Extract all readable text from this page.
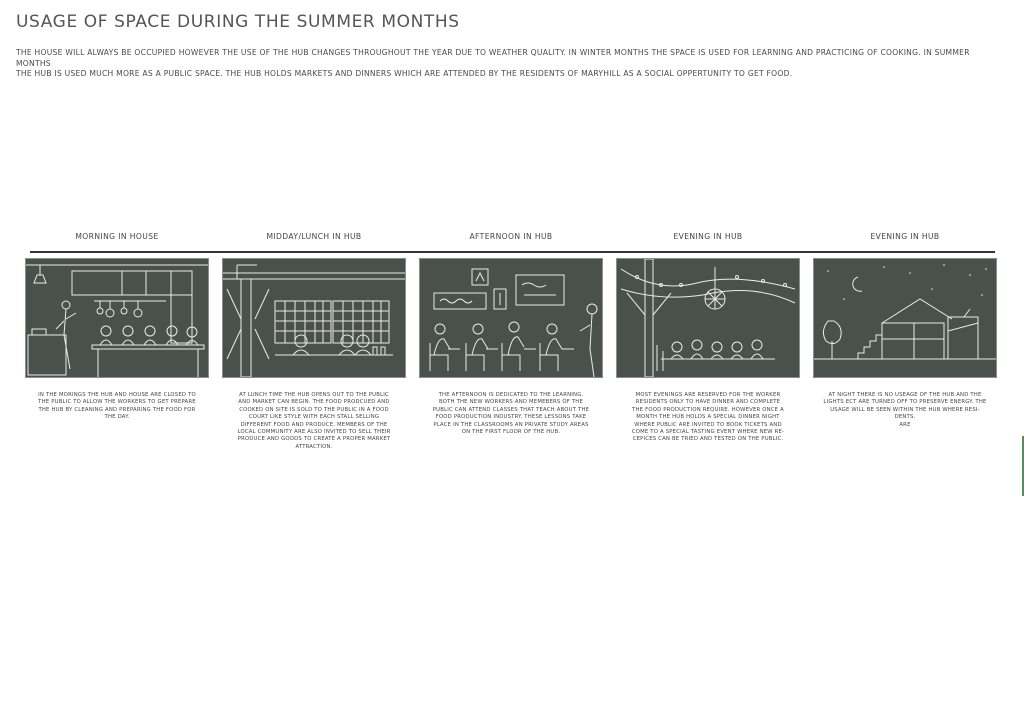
USAGE OF SPACE DURING THE SUMMER MONTHS
THE HOUSE WILL ALWAYS BE OCCUPIED HOWEVER THE USE OF THE HUB CHANGES THROUGHOUT THE YEAR DUE TO WEATHER QUALITY. IN WINTER MONTHS THE SPACE IS USED FOR LEARNING AND PRACTICING OF COOKING. IN SUMMER MONTHS
THE HUB IS USED MUCH MORE AS A PUBLIC SPACE. THE HUB HOLDS MARKETS AND DINNERS WHICH ARE ATTENDED BY THE RESIDENTS OF MARYHILL AS A SOCIAL OPPERTUNITY TO GET FOOD.
MORNING IN HOUSE
IN THE MORINGS THE HUB AND HOUSE ARE CLOSED TO
THE PUBLIC TO ALLOW THE WORKERS TO GET PREPARE
THE HUB BY CLEANING AND PREPARING THE FOOD FOR
THE DAY.
MIDDAY/LUNCH IN HUB
AT LUNCH TIME THE HUB OPENS OUT TO THE PUBLIC
AND MARKET CAN BEGIN. THE FOOD PRODCUED AND
COOKED ON SITE IS SOLD TO THE PUBLIC IN A FOOD
COURT LIKE STYLE WITH EACH STALL SELLING
DIFFERENT FOOD AND PRODUCE, MEMBERS OF THE
LOCAL COMMUNITY ARE ALSO INVITED TO SELL THEIR
PRODUCE AND GOODS TO CREATE A PROPER MARKET
ATTRACTION.
AFTERNOON IN HUB
THE AFTERNOON IS DEDICATED TO THE LEARNING.
BOTH THE NEW WORKERS AND MEMEBERS OF THE
PUBLIC CAN ATTEND CLASSES THAT TEACH ABOUT THE
FOOD PRODUCTION INDUSTRY. THESE LESSONS TAKE
PLACE IN THE CLASSROOMS AN PRIVATE STUDY AREAS
ON THE FIRST FLOOR OF THE HUB.
EVENING IN HUB
MOST EVENINGS ARE RESERVED FOR THE WORKER
RESIDENTS ONLY TO HAVE DINNER AND COMPLETE
THE FOOD PRODUCTION REQUIRE. HOWEVER ONCE A
MONTH THE HUB HOLDS A SPECIAL DINNER NIGHT
WHERE PUBLIC ARE INVITED TO BOOK TICKETS AND
COME TO A SPECIAL TASTING EVENT WHERE NEW RE-
CEPICES CAN BE TRIED AND TESTED ON THE PUBLIC.
EVENING IN HUB
AT NIGHT THERE IS NO USEAGE OF THE HUB AND THE
LIGHTS ECT ARE TURNED OFF TO PRESERVE ENERGY. THE
USAGE WILL BE SEEN WITHIN THE HUB WHERE RESI-
DENTS.
ARE
